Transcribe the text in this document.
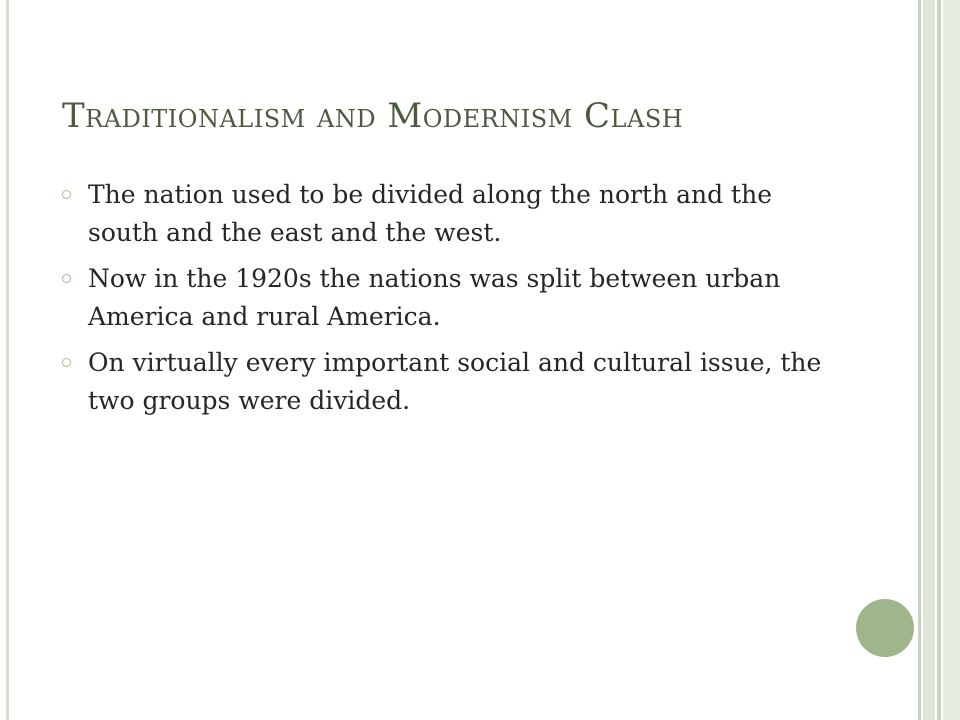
Traditionalism and Modernism Clash
The nation used to be divided along the north and the south and the east and the west.
Now in the 1920s the nations was split between urban America and rural America.
On virtually every important social and cultural issue, the two groups were divided.
